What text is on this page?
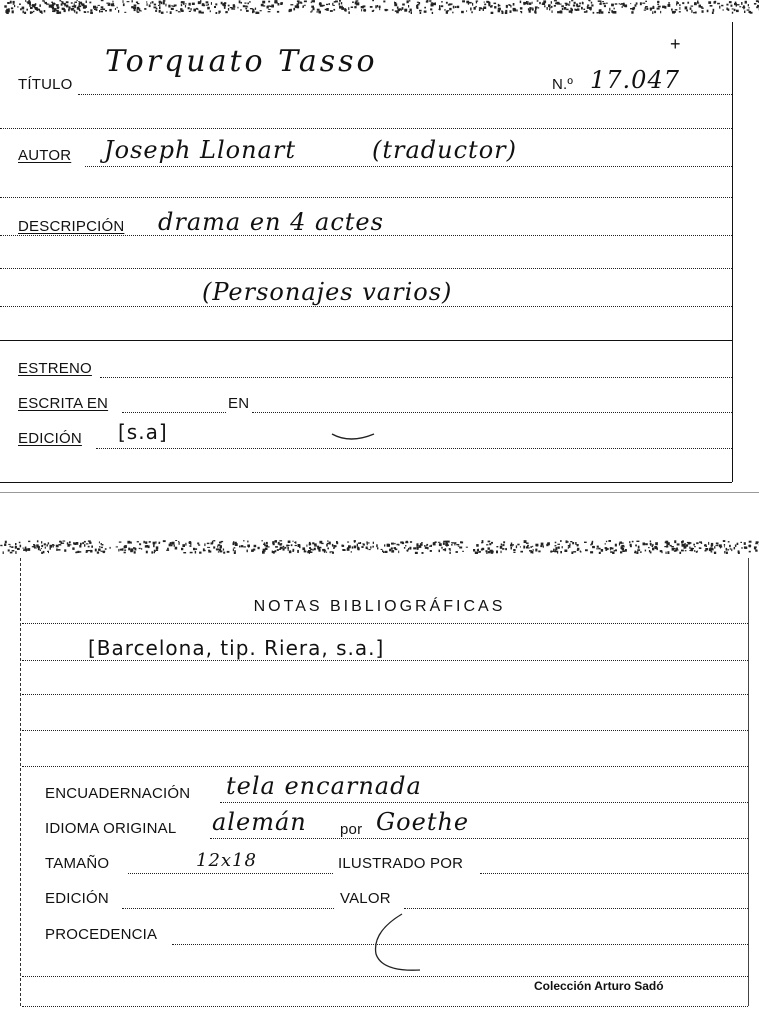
TÍTULO
Torquato Tasso
N.º 17.047
+
AUTOR Joseph Llonart	(traductor)
DESCRIPCIÓN drama en 4 actes
(Personajes varios)
ESTRENO
ESCRITA EN	EN
EDICIÓN [s.a]
NOTAS BIBLIOGRÁFICAS
[Barcelona, tip. Riera, s.a.]
ENCUADERNACIÓN tela encarnada
IDIOMA ORIGINAL alemán por Goethe
TAMAÑO	12x18	ILUSTRADO POR
EDICIÓN	VALOR
PROCEDENCIA
Colección Arturo Sadó
